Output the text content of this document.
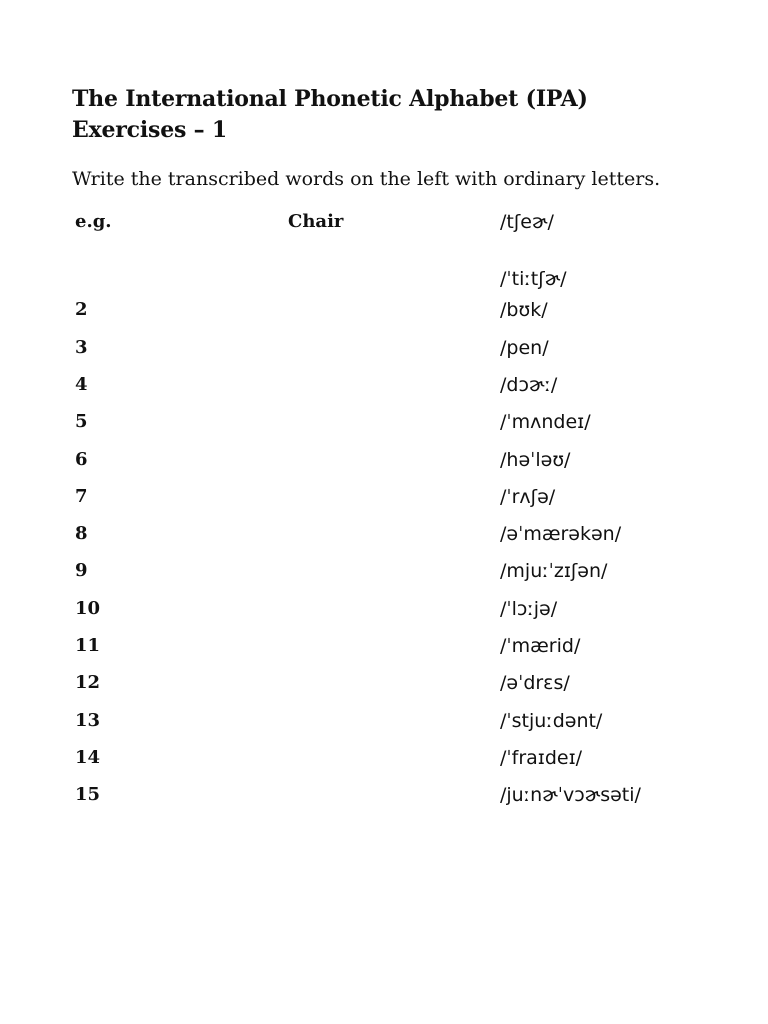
The International Phonetic Alphabet (IPA)
Exercises – 1

Write the transcribed words on the left with ordinary letters.

e.g.	Chair	/tʃeɚ/
/ˈtiːtʃɚ/
2	/bʊk/
3	/pen/
4	/dɔɚː/
5	/ˈmʌndeɪ/
6	/həˈləʊ/
7	/ˈrʌʃə/
8	/əˈmærəkən/
9	/mjuːˈzɪʃən/
10	/ˈlɔːjə/
11	/ˈmærid/
12	/əˈdrɛs/
13	/ˈstjuːdənt/
14	/ˈfraɪdeɪ/
15	/juːnɚˈvɔɚsəti/
